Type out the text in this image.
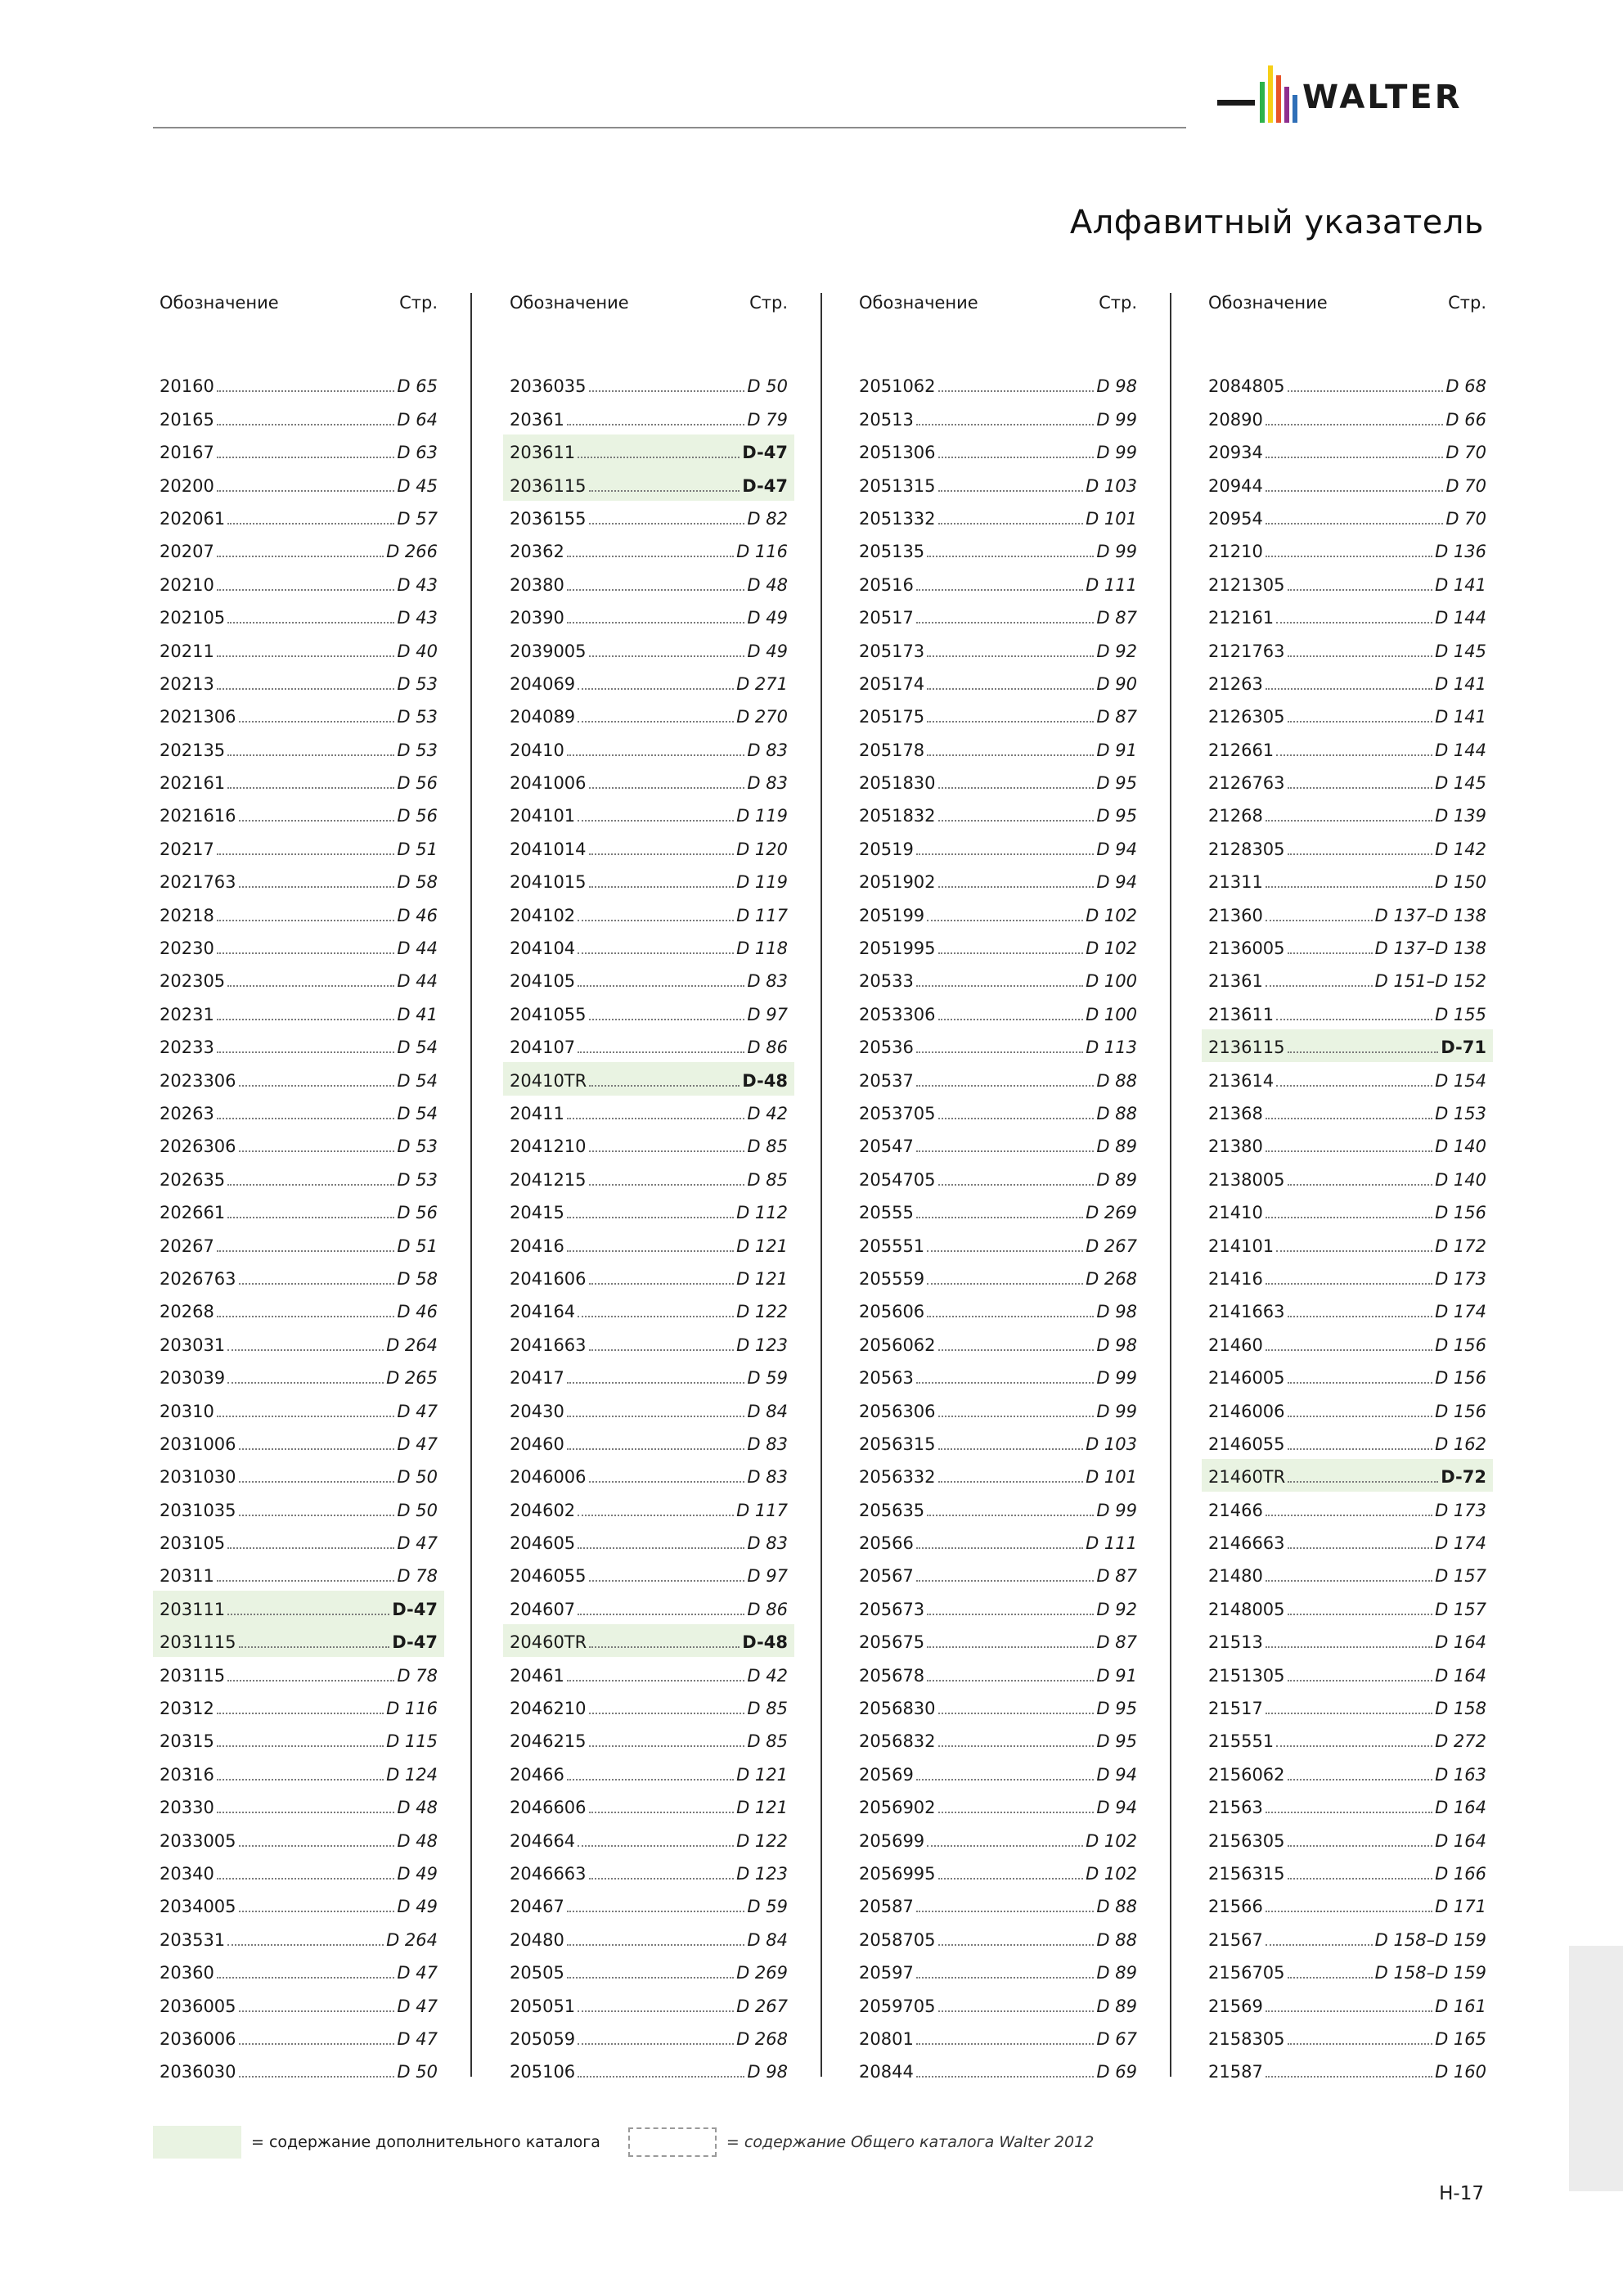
WALTER
Алфавитный указатель
Обозначение	Стр.
20160	D 65
20165	D 64
20167	D 63
20200	D 45
202061	D 57
20207	D 266
20210	D 43
202105	D 43
20211	D 40
20213	D 53
2021306	D 53
202135	D 53
202161	D 56
2021616	D 56
20217	D 51
2021763	D 58
20218	D 46
20230	D 44
202305	D 44
20231	D 41
20233	D 54
2023306	D 54
20263	D 54
2026306	D 53
202635	D 53
202661	D 56
20267	D 51
2026763	D 58
20268	D 46
203031	D 264
203039	D 265
20310	D 47
2031006	D 47
2031030	D 50
2031035	D 50
203105	D 47
20311	D 78
203111	D-47
2031115	D-47
203115	D 78
20312	D 116
20315	D 115
20316	D 124
20330	D 48
2033005	D 48
20340	D 49
2034005	D 49
203531	D 264
20360	D 47
2036005	D 47
2036006	D 47
2036030	D 50
Обозначение	Стр.
2036035	D 50
20361	D 79
203611	D-47
2036115	D-47
2036155	D 82
20362	D 116
20380	D 48
20390	D 49
2039005	D 49
204069	D 271
204089	D 270
20410	D 83
2041006	D 83
204101	D 119
2041014	D 120
2041015	D 119
204102	D 117
204104	D 118
204105	D 83
2041055	D 97
204107	D 86
20410TR	D-48
20411	D 42
2041210	D 85
2041215	D 85
20415	D 112
20416	D 121
2041606	D 121
204164	D 122
2041663	D 123
20417	D 59
20430	D 84
20460	D 83
2046006	D 83
204602	D 117
204605	D 83
2046055	D 97
204607	D 86
20460TR	D-48
20461	D 42
2046210	D 85
2046215	D 85
20466	D 121
2046606	D 121
204664	D 122
2046663	D 123
20467	D 59
20480	D 84
20505	D 269
205051	D 267
205059	D 268
205106	D 98
Обозначение	Стр.
2051062	D 98
20513	D 99
2051306	D 99
2051315	D 103
2051332	D 101
205135	D 99
20516	D 111
20517	D 87
205173	D 92
205174	D 90
205175	D 87
205178	D 91
2051830	D 95
2051832	D 95
20519	D 94
2051902	D 94
205199	D 102
2051995	D 102
20533	D 100
2053306	D 100
20536	D 113
20537	D 88
2053705	D 88
20547	D 89
2054705	D 89
20555	D 269
205551	D 267
205559	D 268
205606	D 98
2056062	D 98
20563	D 99
2056306	D 99
2056315	D 103
2056332	D 101
205635	D 99
20566	D 111
20567	D 87
205673	D 92
205675	D 87
205678	D 91
2056830	D 95
2056832	D 95
20569	D 94
2056902	D 94
205699	D 102
2056995	D 102
20587	D 88
2058705	D 88
20597	D 89
2059705	D 89
20801	D 67
20844	D 69
Обозначение	Стр.
2084805	D 68
20890	D 66
20934	D 70
20944	D 70
20954	D 70
21210	D 136
2121305	D 141
212161	D 144
2121763	D 145
21263	D 141
2126305	D 141
212661	D 144
2126763	D 145
21268	D 139
2128305	D 142
21311	D 150
21360	D 137–D 138
2136005	D 137–D 138
21361	D 151–D 152
213611	D 155
2136115	D-71
213614	D 154
21368	D 153
21380	D 140
2138005	D 140
21410	D 156
214101	D 172
21416	D 173
2141663	D 174
21460	D 156
2146005	D 156
2146006	D 156
2146055	D 162
21460TR	D-72
21466	D 173
2146663	D 174
21480	D 157
2148005	D 157
21513	D 164
2151305	D 164
21517	D 158
215551	D 272
2156062	D 163
21563	D 164
2156305	D 164
2156315	D 166
21566	D 171
21567	D 158–D 159
2156705	D 158–D 159
21569	D 161
2158305	D 165
21587	D 160
= содержание дополнительного каталога	= содержание Общего каталога Walter 2012
H-17
